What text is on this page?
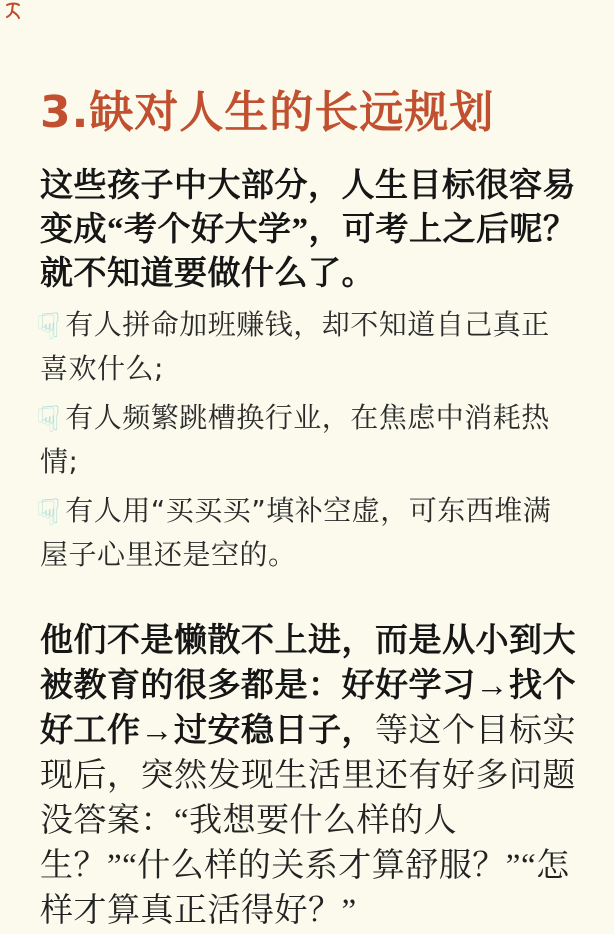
3.缺对人生的长远规划

这些孩子中大部分，人生目标很容易变成“考个好大学”，可考上之后呢？就不知道要做什么了。

☟ 有人拼命加班赚钱，却不知道自己真正喜欢什么;

☟ 有人频繁跳槽换行业，在焦虑中消耗热情;

☟ 有人用“买买买”填补空虚，可东西堆满屋子心里还是空的。

他们不是懒散不上进，而是从小到大被教育的很多都是：好好学习→找个好工作→过安稳日子，等这个目标实现后，突然发现生活里还有好多问题没答案：“我想要什么样的人生？”“什么样的关系才算舒服？”“怎样才算真正活得好？”
